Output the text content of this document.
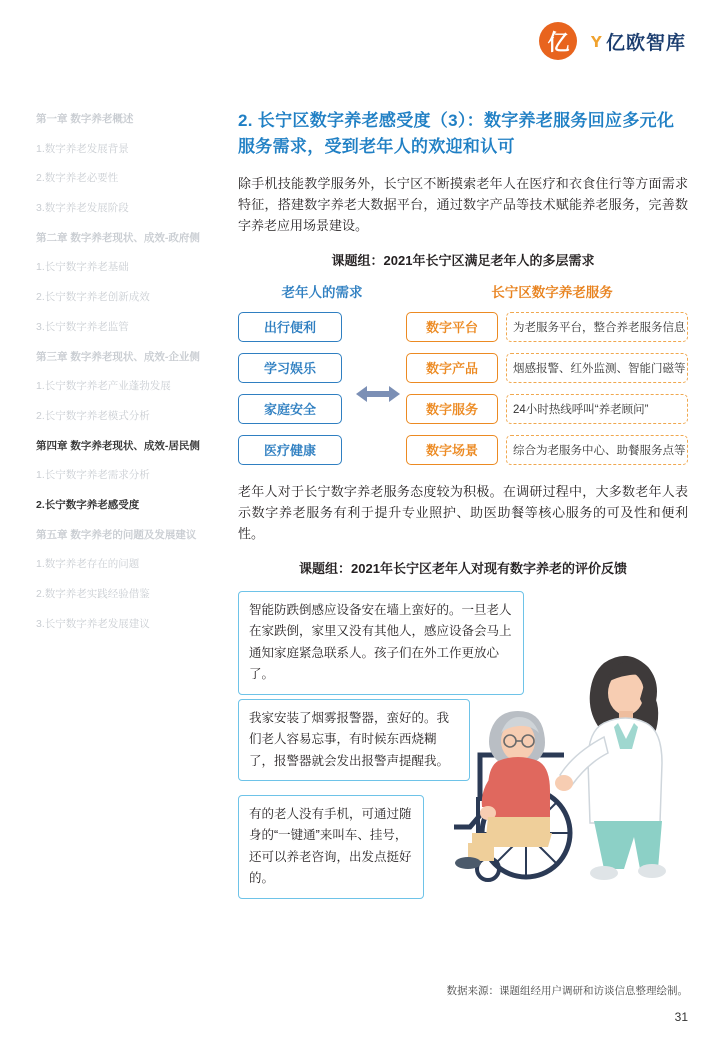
亿	ʏ 亿欧智库
第一章 数字养老概述
1.数字养老发展背景
2.数字养老必要性
3.数字养老发展阶段
第二章 数字养老现状、成效-政府侧
1.长宁数字养老基础
2.长宁数字养老创新成效
3.长宁数字养老监管
第三章 数字养老现状、成效-企业侧
1.长宁数字养老产业蓬勃发展
2.长宁数字养老模式分析
第四章 数字养老现状、成效-居民侧
1.长宁数字养老需求分析
2.长宁数字养老感受度
第五章 数字养老的问题及发展建议
1.数字养老存在的问题
2.数字养老实践经验借鉴
3.长宁数字养老发展建议
2. 长宁区数字养老感受度（3）：数字养老服务回应多元化服务需求，受到老年人的欢迎和认可

除手机技能教学服务外，长宁区不断摸索老年人在医疗和衣食住行等方面需求特征，搭建数字养老大数据平台，通过数字产品等技术赋能养老服务，完善数字养老应用场景建设。

课题组：2021年长宁区满足老年人的多层需求
老年人的需求	长宁区数字养老服务
出行便利	数字平台	为老服务平台，整合养老服务信息
学习娱乐	数字产品	烟感报警、红外监测、智能门磁等
家庭安全	数字服务	24小时热线呼叫“养老顾问”
医疗健康	数字场景	综合为老服务中心、助餐服务点等

老年人对于长宁数字养老服务态度较为积极。在调研过程中，大多数老年人表示数字养老服务有利于提升专业照护、助医助餐等核心服务的可及性和便利性。

课题组：2021年长宁区老年人对现有数字养老的评价反馈
智能防跌倒感应设备安在墙上蛮好的。一旦老人在家跌倒，家里又没有其他人，感应设备会马上通知家庭紧急联系人。孩子们在外工作更放心了。
我家安装了烟雾报警器，蛮好的。我们老人容易忘事，有时候东西烧糊了，报警器就会发出报警声提醒我。
有的老人没有手机，可通过随身的“一键通”来叫车、挂号，还可以养老咨询，出发点挺好的。
数据来源：课题组经用户调研和访谈信息整理绘制。
31
